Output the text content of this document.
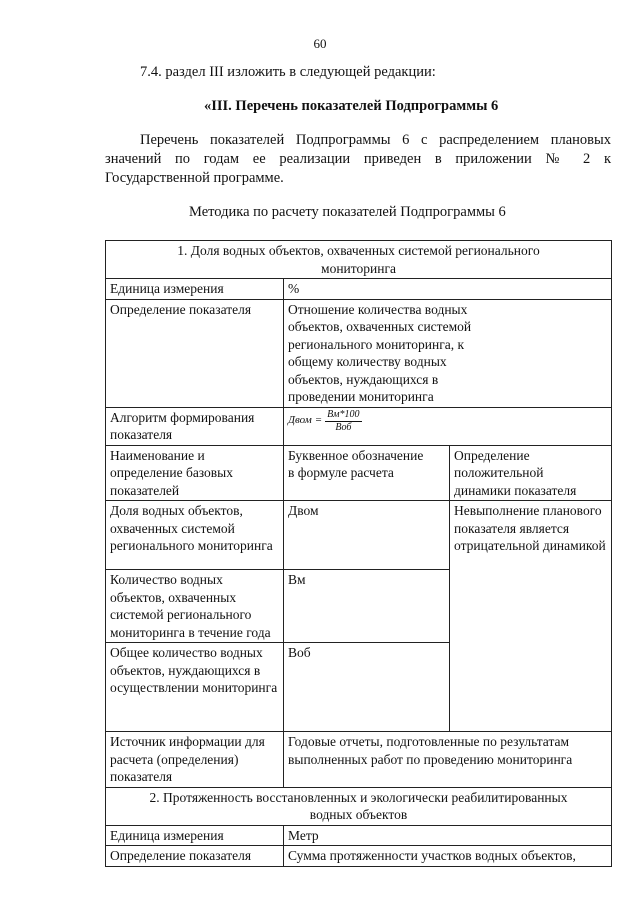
60
7.4. раздел III изложить в следующей редакции:
«III. Перечень показателей Подпрограммы 6
Перечень показателей Подпрограммы 6 с распределением плановых
значений по годам ее реализации приведен в приложении № 2 к
Государственной программе.
Методика по расчету показателей Подпрограммы 6
1. Доля водных объектов, охваченных системой регионального
мониторинга		

Единица измерения	%	
Определение показателя	Отношение количества водных объектов, охваченных системой регионального мониторинга, к общему количеству водных объектов, нуждающихся в проведении мониторинга	
Алгоритм формирования показателя	Двом = $\frac{Вм*100}{\text{Воб}}$

Наименование и определение базовых показателей	Буквенное обозначение в формуле расчета	Определение положительной динамики показателя
Доля водных объектов, охваченных системой регионального мониторинга	Двом	Невыполнение планового показателя является отрицательной динамикой
Количество водных объектов, охваченных системой регионального мониторинга в течение года	Вм	
Общее количество водных объектов, нуждающихся в осуществлении мониторинга	Воб	
Источник информации для расчета (определения) показателя	Годовые отчеты, подготовленные по результатам выполненных работ по проведению мониторинга	

2. Протяженность восстановленных и экологически реабилитированных
водных объектов		

Единица измерения	Метр	
Определение показателя	Сумма протяженности участков водных объектов,	
